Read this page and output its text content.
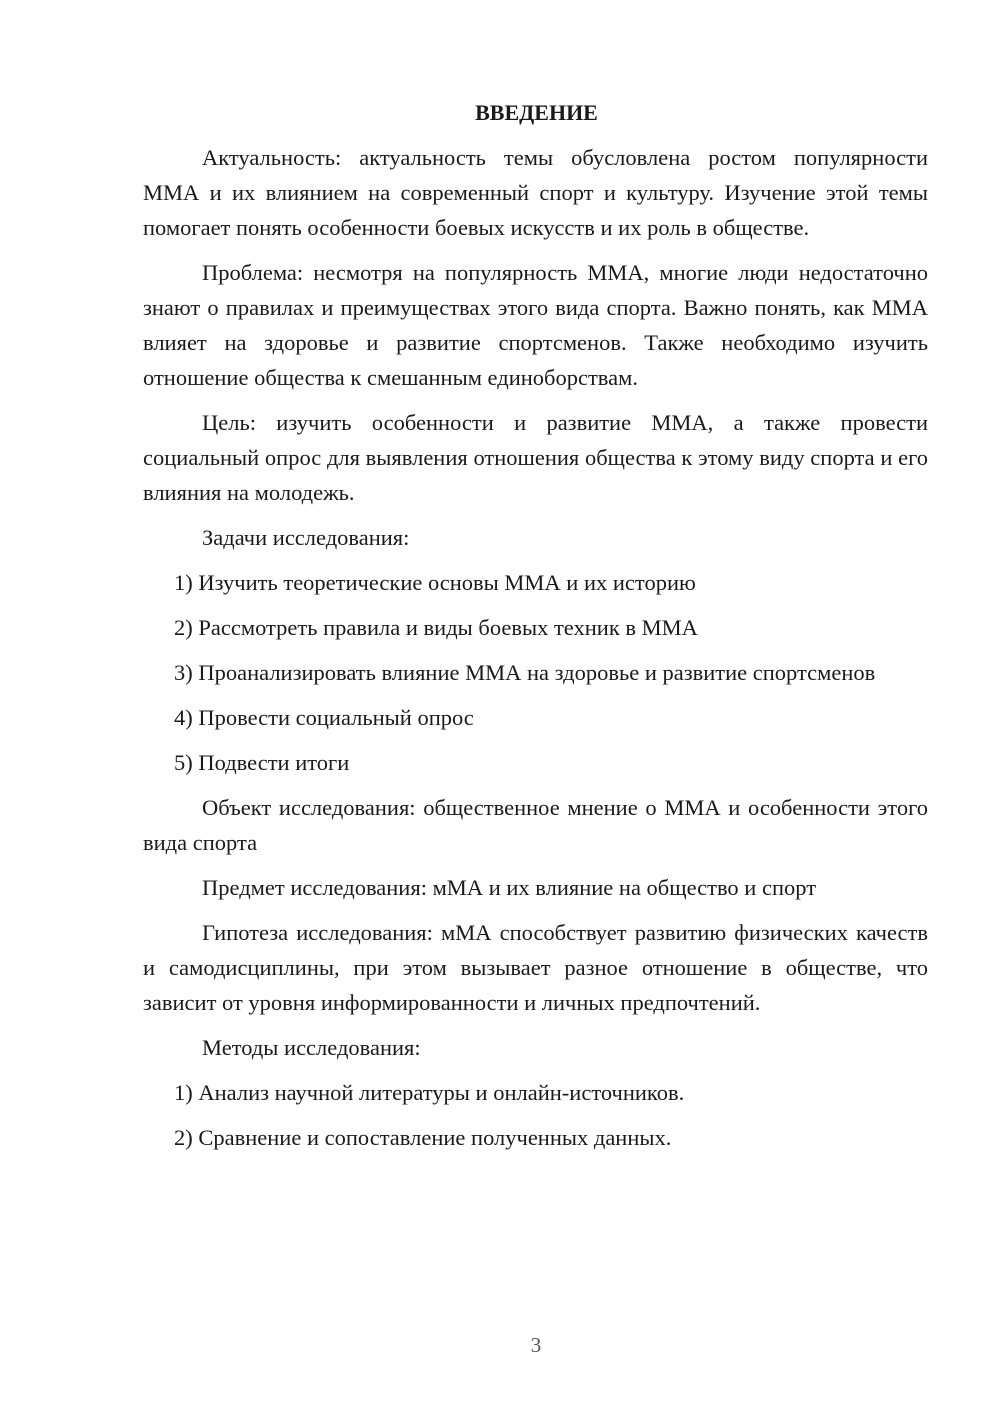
ВВЕДЕНИЕ

Актуальность: актуальность темы обусловлена ростом популярности ММА и их влиянием на современный спорт и культуру. Изучение этой темы помогает понять особенности боевых искусств и их роль в обществе.

Проблема: несмотря на популярность ММА, многие люди недостаточно знают о правилах и преимуществах этого вида спорта. Важно понять, как ММА влияет на здоровье и развитие спортсменов. Также необходимо изучить отношение общества к смешанным единоборствам.

Цель: изучить особенности и развитие ММА, а также провести социальный опрос для выявления отношения общества к этому виду спорта и его влияния на молодежь.

Задачи исследования:

1) Изучить теоретические основы ММА и их историю

2) Рассмотреть правила и виды боевых техник в ММА

3) Проанализировать влияние ММА на здоровье и развитие спортсменов

4) Провести социальный опрос

5) Подвести итоги

Объект исследования: общественное мнение о ММА и особенности этого вида спорта

Предмет исследования: мМА и их влияние на общество и спорт

Гипотеза исследования: мМА способствует развитию физических качеств и самодисциплины, при этом вызывает разное отношение в обществе, что зависит от уровня информированности и личных предпочтений.

Методы исследования:

1) Анализ научной литературы и онлайн-источников.

2) Сравнение и сопоставление полученных данных.

3
